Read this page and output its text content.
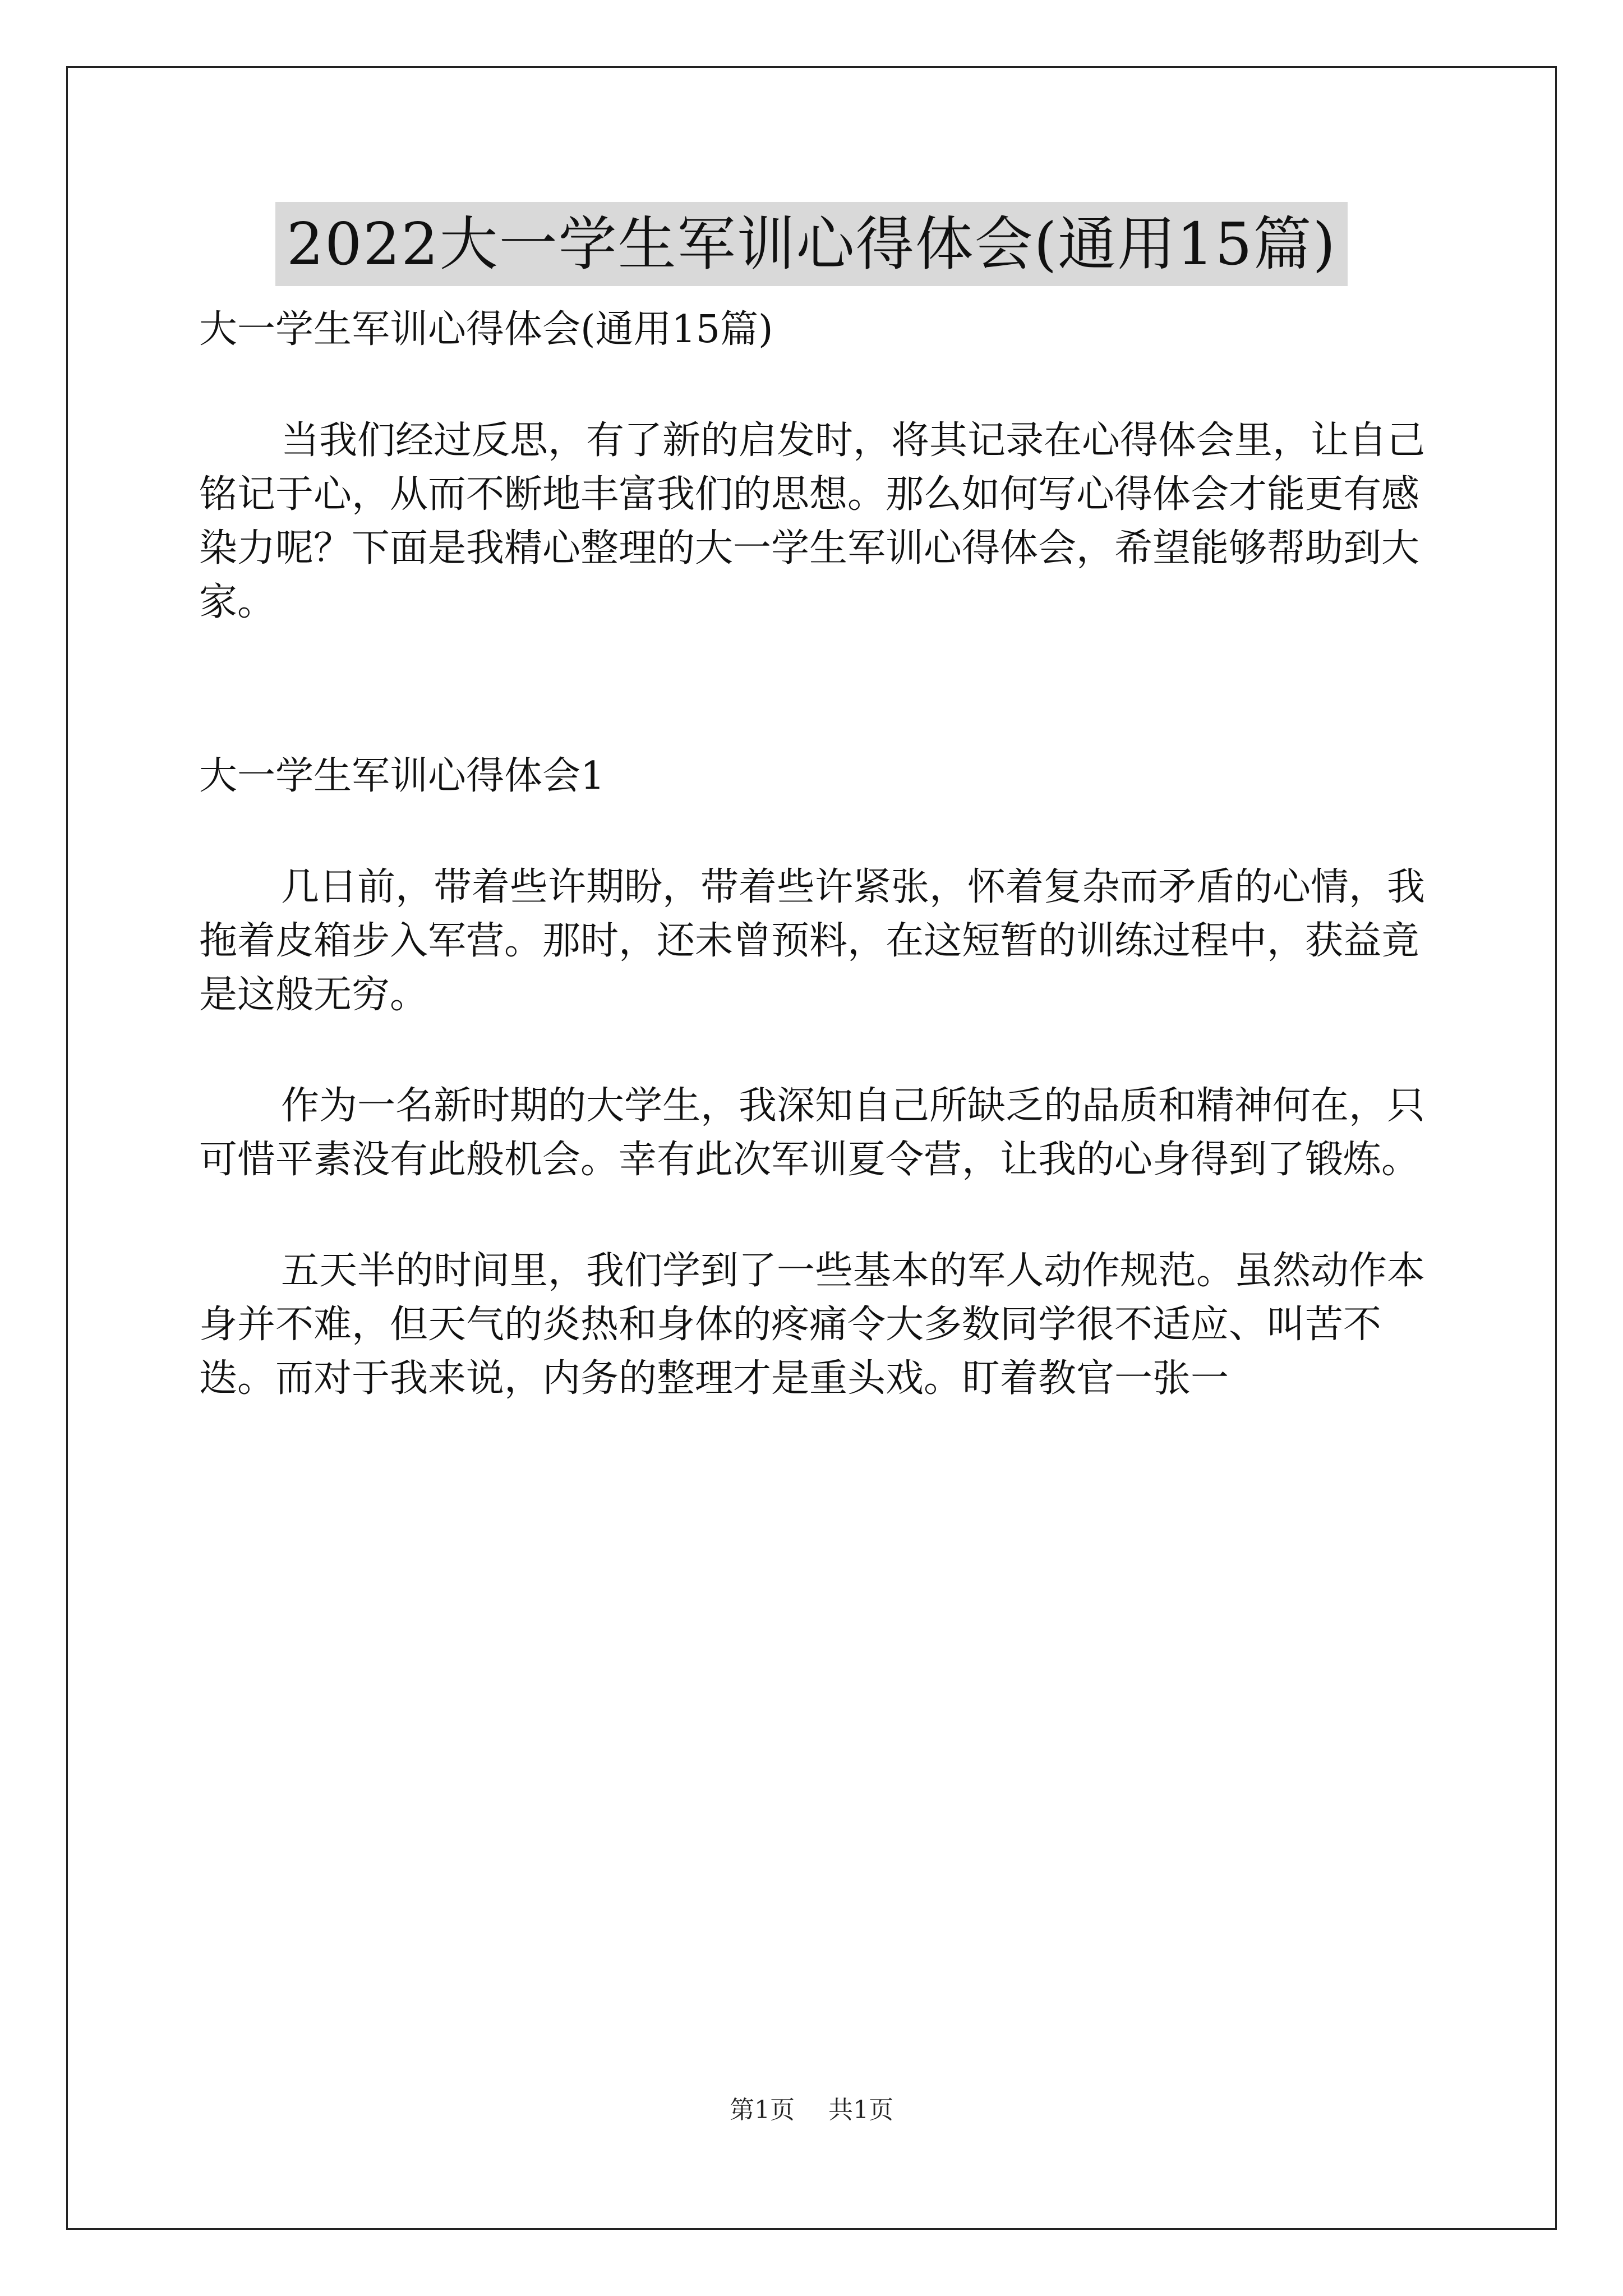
2022大一学生军训心得体会(通用15篇)

大一学生军训心得体会(通用15篇)

当我们经过反思，有了新的启发时，将其记录在心得体会里，让自己铭记于心，从而不断地丰富我们的思想。那么如何写心得体会才能更有感染力呢？下面是我精心整理的大一学生军训心得体会，希望能够帮助到大家。

大一学生军训心得体会1

几日前，带着些许期盼，带着些许紧张，怀着复杂而矛盾的心情，我拖着皮箱步入军营。那时，还未曾预料，在这短暂的训练过程中，获益竟是这般无穷。

作为一名新时期的大学生，我深知自己所缺乏的品质和精神何在，只可惜平素没有此般机会。幸有此次军训夏令营，让我的心身得到了锻炼。

五天半的时间里，我们学到了一些基本的军人动作规范。虽然动作本身并不难，但天气的炎热和身体的疼痛令大多数同学很不适应、叫苦不迭。而对于我来说，内务的整理才是重头戏。盯着教官一张一

第1页 共1页
